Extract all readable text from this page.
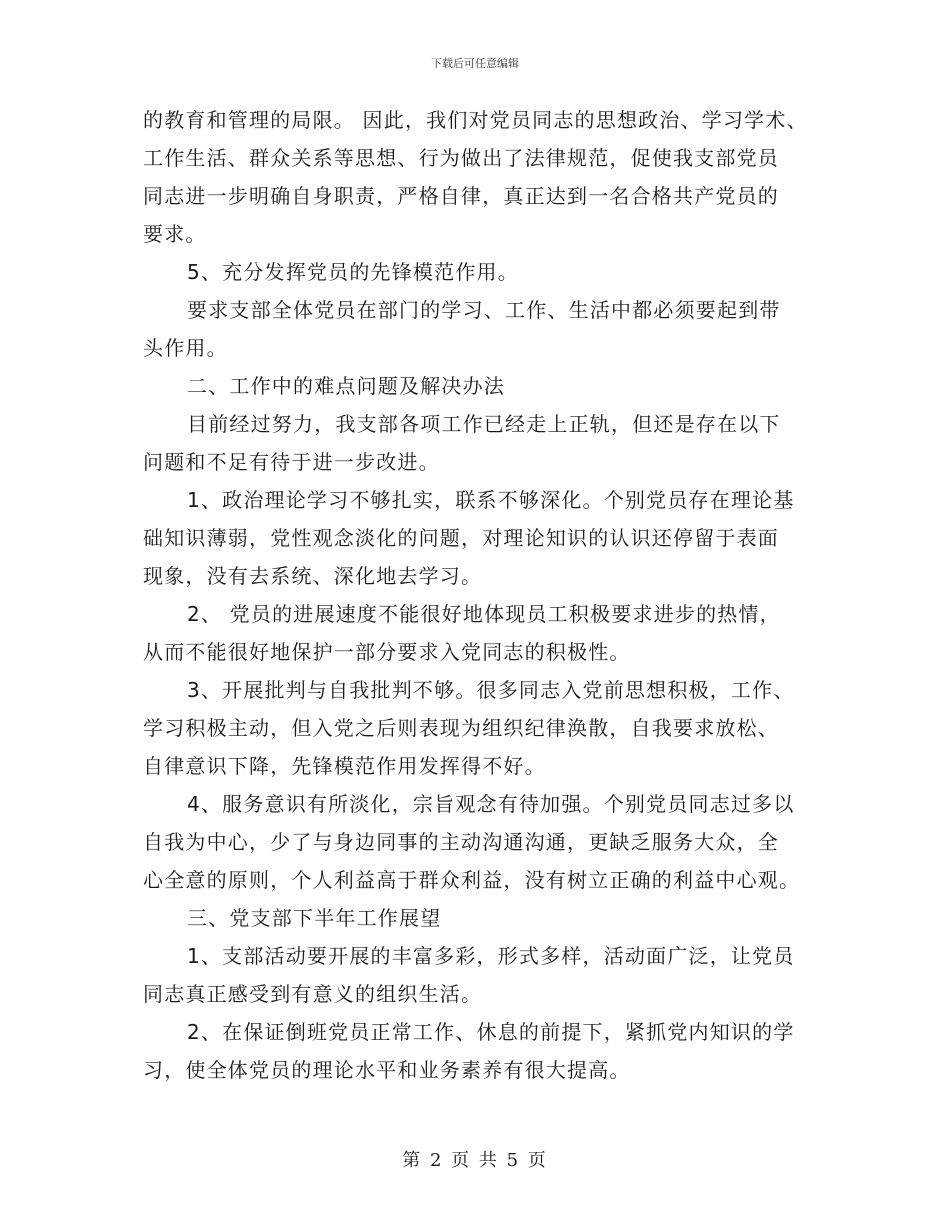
下载后可任意编辑
的教育和管理的局限。 因此，我们对党员同志的思想政治、学习学术、
工作生活、群众关系等思想、行为做出了法律规范，促使我支部党员
同志进一步明确自身职责，严格自律，真正达到一名合格共产党员的
要求。
5、充分发挥党员的先锋模范作用。
要求支部全体党员在部门的学习、工作、生活中都必须要起到带
头作用。
二、工作中的难点问题及解决办法
目前经过努力，我支部各项工作已经走上正轨，但还是存在以下
问题和不足有待于进一步改进。
1、政治理论学习不够扎实，联系不够深化。个别党员存在理论基
础知识薄弱，党性观念淡化的问题，对理论知识的认识还停留于表面
现象，没有去系统、深化地去学习。
2、 党员的进展速度不能很好地体现员工积极要求进步的热情，
从而不能很好地保护一部分要求入党同志的积极性。
3、开展批判与自我批判不够。很多同志入党前思想积极，工作、
学习积极主动，但入党之后则表现为组织纪律涣散，自我要求放松、
自律意识下降，先锋模范作用发挥得不好。
4、服务意识有所淡化，宗旨观念有待加强。个别党员同志过多以
自我为中心，少了与身边同事的主动沟通沟通，更缺乏服务大众，全
心全意的原则，个人利益高于群众利益，没有树立正确的利益中心观。
三、党支部下半年工作展望
1、支部活动要开展的丰富多彩，形式多样，活动面广泛，让党员
同志真正感受到有意义的组织生活。
2、在保证倒班党员正常工作、休息的前提下，紧抓党内知识的学
习，使全体党员的理论水平和业务素养有很大提高。
第 2 页 共 5 页
